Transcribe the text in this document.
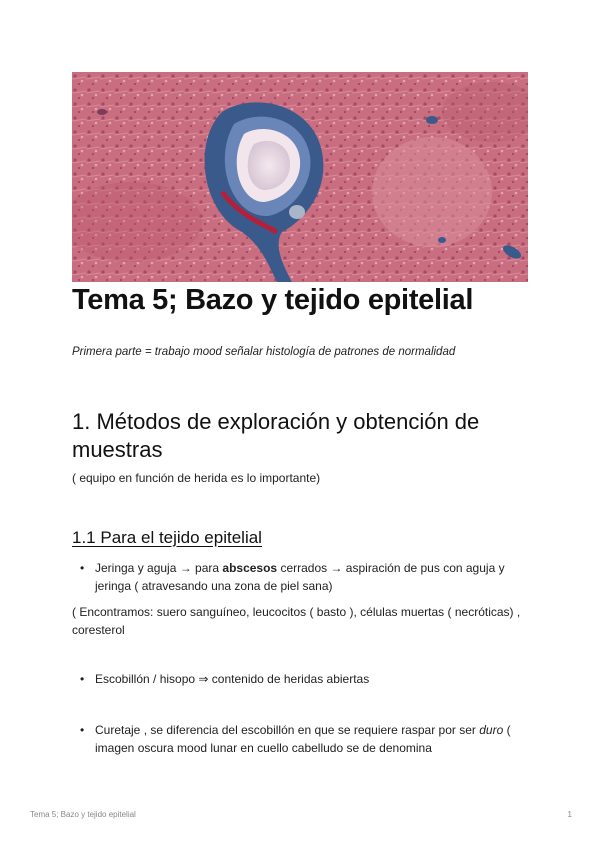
Tema 5; Bazo y tejido epitelial

Primera parte = trabajo mood señalar histología de patrones de normalidad

1. Métodos de exploración y obtención de muestras

( equipo en función de herida es lo importante)

1.1 Para el tejido epitelial
• Jeringa y aguja → para abscesos cerrados → aspiración de pus con aguja y jeringa ( atravesando una zona de piel sana)

( Encontramos: suero sanguíneo, leucocitos ( basto ), células muertas ( necróticas) , coresterol

• Escobillón / hisopo ⇒ contenido de heridas abiertas
• Curetaje , se diferencia del escobillón en que se requiere raspar por ser duro ( imagen oscura mood lunar en cuello cabelludo se de denomina
Tema 5; Bazo y tejido epitelial	1
